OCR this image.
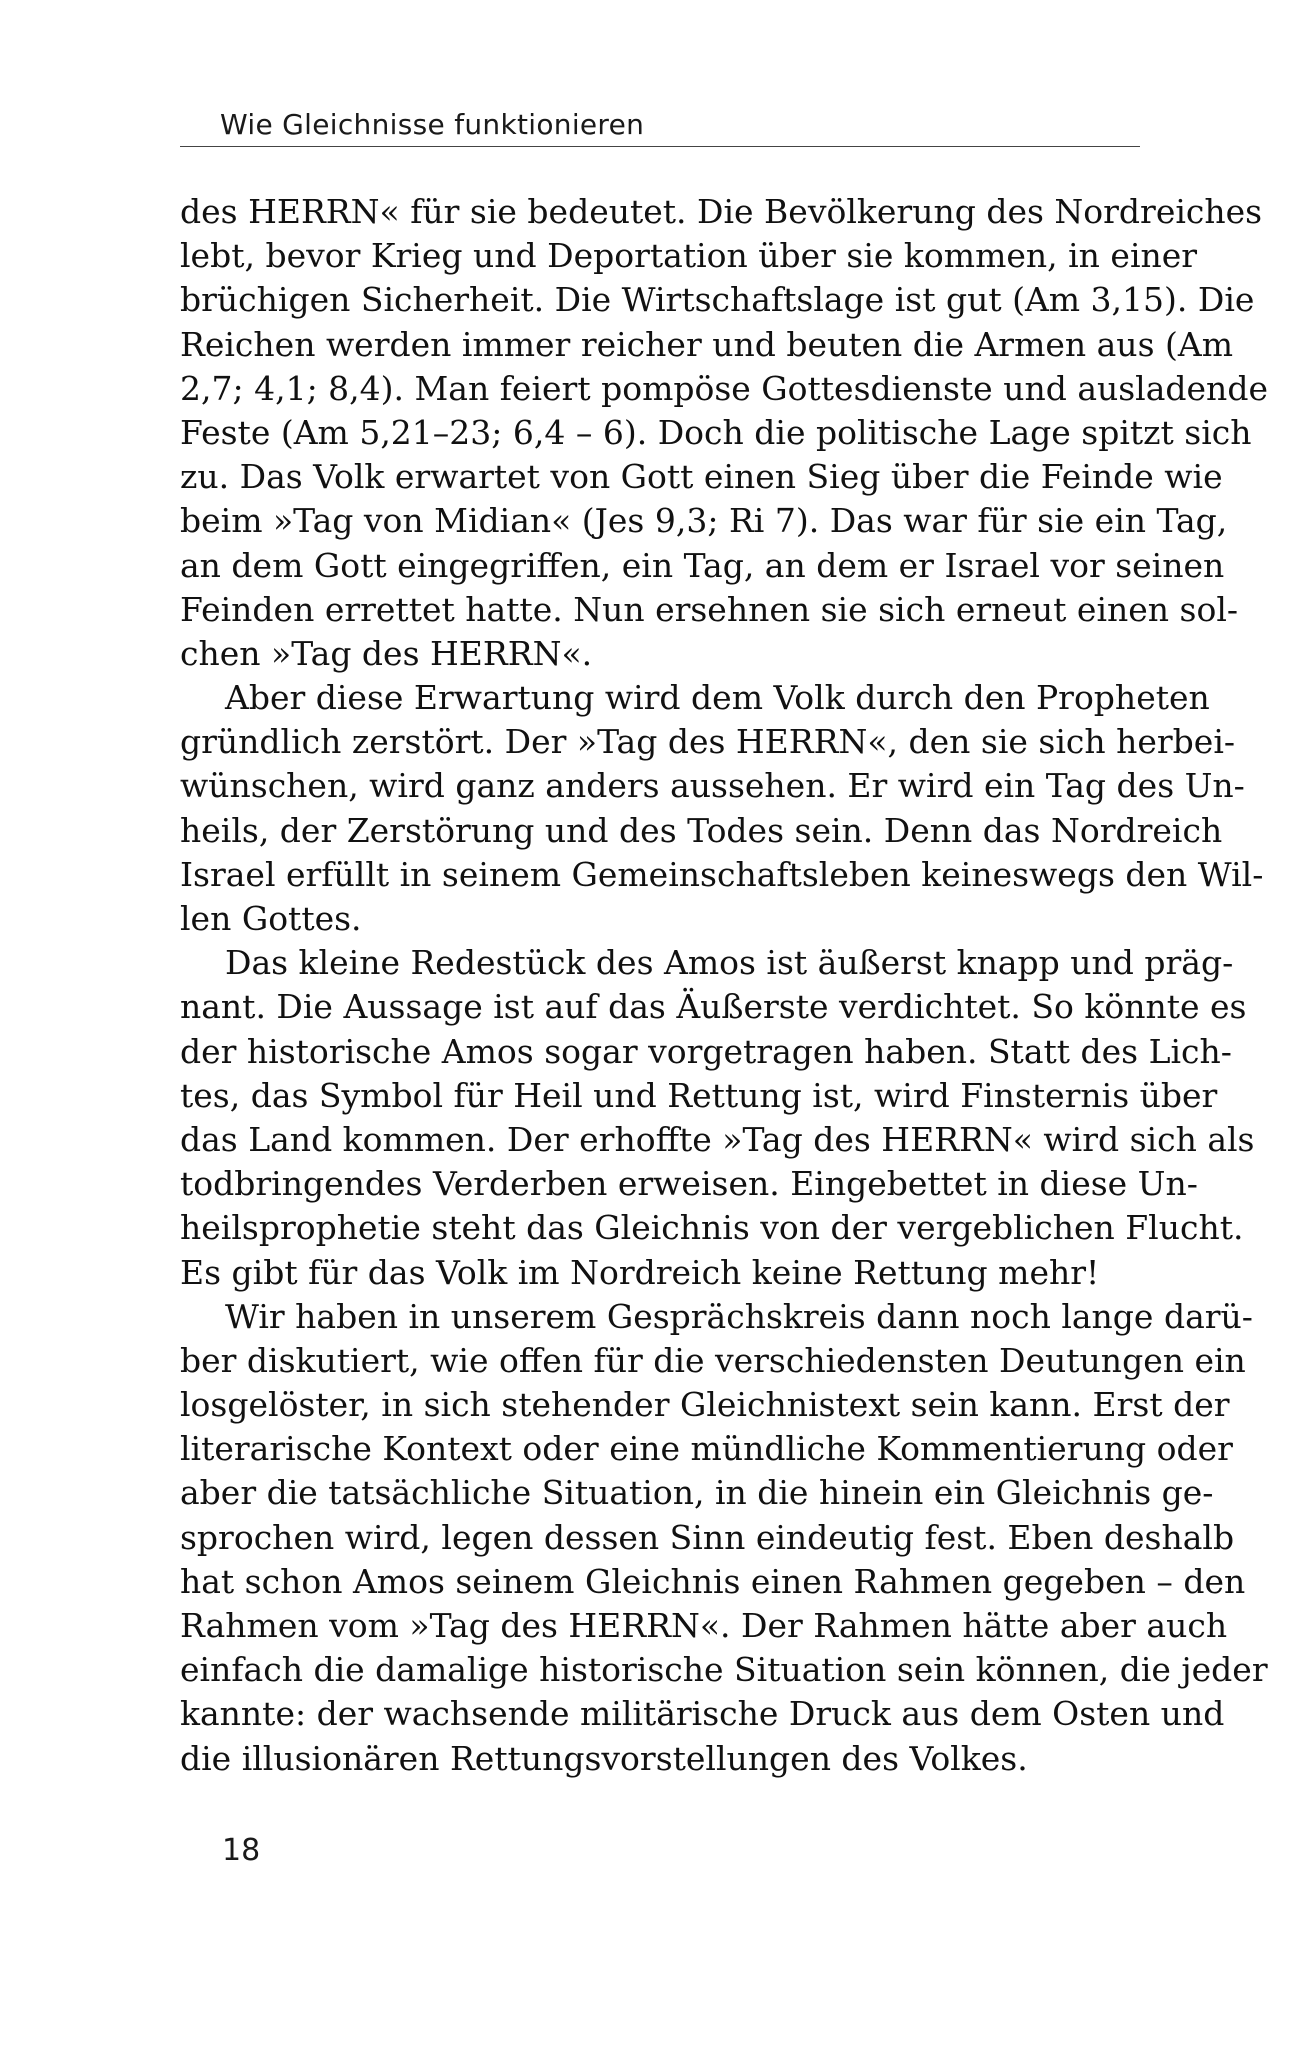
Wie Gleichnisse funktionieren
des HERRN« für sie bedeutet. Die Bevölkerung des Nordreiches
lebt, bevor Krieg und Deportation über sie kommen, in einer
brüchigen Sicherheit. Die Wirtschaftslage ist gut (Am 3,15). Die
Reichen werden immer reicher und beuten die Armen aus (Am
2,7; 4,1; 8,4). Man feiert pompöse Gottesdienste und ausladende
Feste (Am 5,21–23; 6,4 – 6). Doch die politische Lage spitzt sich
zu. Das Volk erwartet von Gott einen Sieg über die Feinde wie
beim »Tag von Midian« (Jes 9,3; Ri 7). Das war für sie ein Tag,
an dem Gott eingegriffen, ein Tag, an dem er Israel vor seinen
Feinden errettet hatte. Nun ersehnen sie sich erneut einen sol-
chen »Tag des HERRN«.
Aber diese Erwartung wird dem Volk durch den Propheten
gründlich zerstört. Der »Tag des HERRN«, den sie sich herbei-
wünschen, wird ganz anders aussehen. Er wird ein Tag des Un-
heils, der Zerstörung und des Todes sein. Denn das Nordreich
Israel erfüllt in seinem Gemeinschaftsleben keineswegs den Wil-
len Gottes.
Das kleine Redestück des Amos ist äußerst knapp und präg-
nant. Die Aussage ist auf das Äußerste verdichtet. So könnte es
der historische Amos sogar vorgetragen haben. Statt des Lich-
tes, das Symbol für Heil und Rettung ist, wird Finsternis über
das Land kommen. Der erhoffte »Tag des HERRN« wird sich als
todbringendes Verderben erweisen. Eingebettet in diese Un-
heilsprophetie steht das Gleichnis von der vergeblichen Flucht.
Es gibt für das Volk im Nordreich keine Rettung mehr!
Wir haben in unserem Gesprächskreis dann noch lange darü-
ber diskutiert, wie offen für die verschiedensten Deutungen ein
losgelöster, in sich stehender Gleichnistext sein kann. Erst der
literarische Kontext oder eine mündliche Kommentierung oder
aber die tatsächliche Situation, in die hinein ein Gleichnis ge-
sprochen wird, legen dessen Sinn eindeutig fest. Eben deshalb
hat schon Amos seinem Gleichnis einen Rahmen gegeben – den
Rahmen vom »Tag des HERRN«. Der Rahmen hätte aber auch
einfach die damalige historische Situation sein können, die jeder
kannte: der wachsende militärische Druck aus dem Osten und
die illusionären Rettungsvorstellungen des Volkes.
18
